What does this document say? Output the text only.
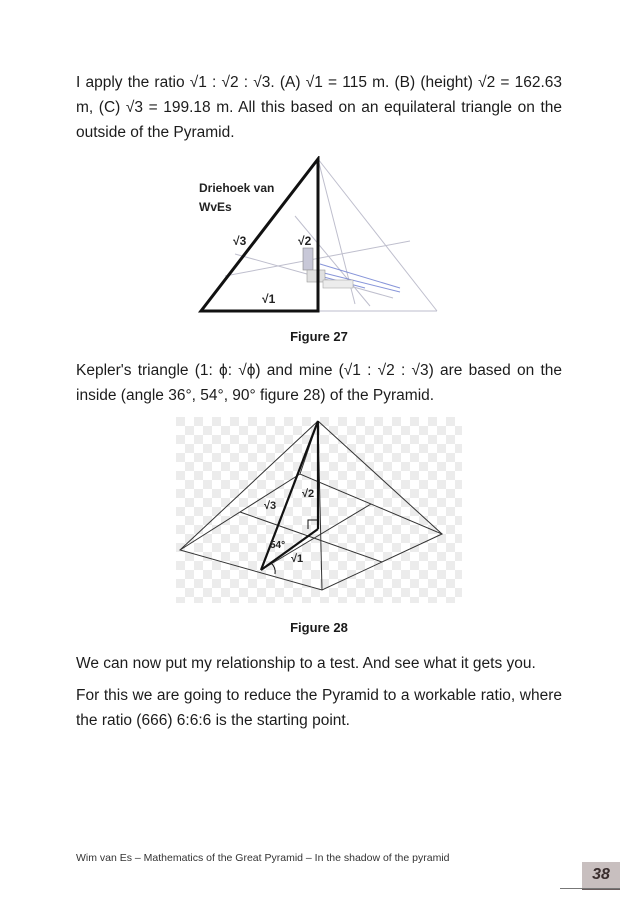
I apply the ratio √1 : √2 : √3. (A) √1 = 115 m. (B) (height) √2 = 162.63 m, (C) √3 = 199.18 m. All this based on an equilateral triangle on the outside of the Pyramid.
Driehoek van
WvEs
√3	√2
√1
Figure 27
Kepler's triangle (1: ϕ: √ϕ) and mine (√1 : √2 : √3) are based on the inside (angle 36°, 54°, 90° figure 28) of the Pyramid.
√2
√3
54°
√1
Figure 28
We can now put my relationship to a test. And see what it gets you.
For this we are going to reduce the Pyramid to a workable ratio, where the ratio (666) 6:6:6 is the starting point.
Wim van Es – Mathematics of the Great Pyramid – In the shadow of the pyramid
38
